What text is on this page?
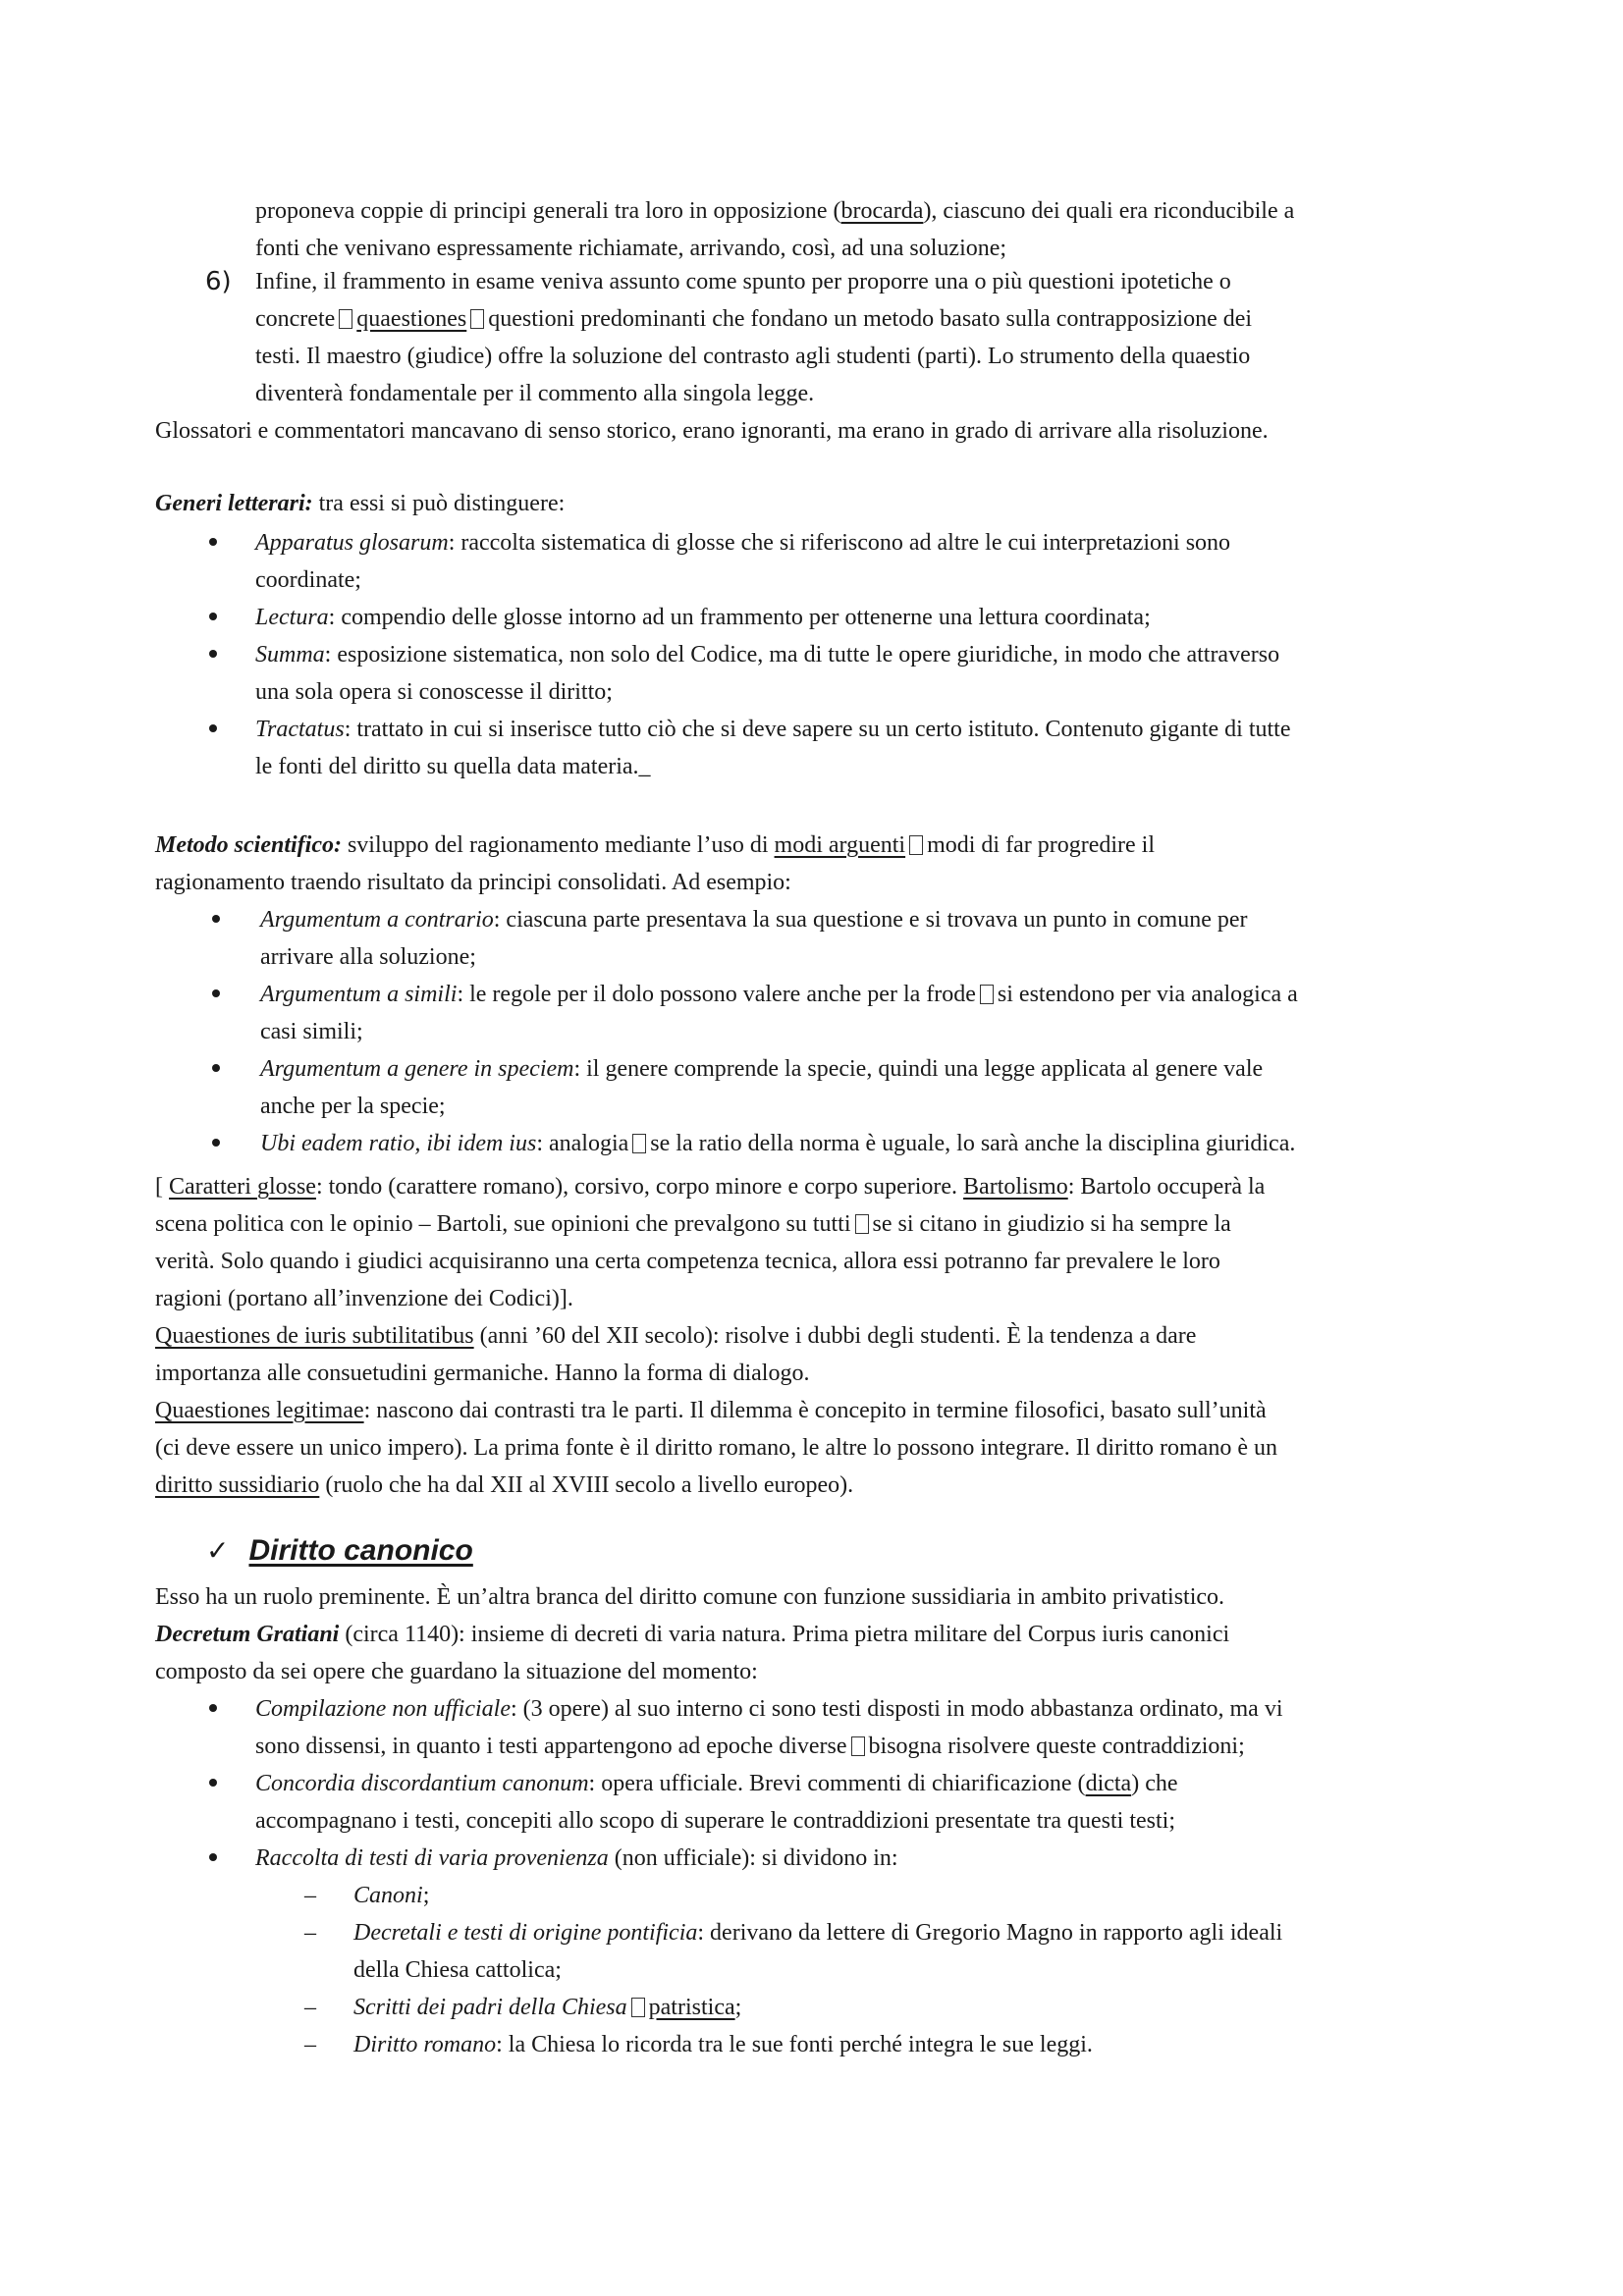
proponeva coppie di principi generali tra loro in opposizione (brocarda), ciascuno dei quali era riconducibile a
fonti che venivano espressamente richiamate, arrivando, così, ad una soluzione;
6) Infine, il frammento in esame veniva assunto come spunto per proporre una o più questioni ipotetiche o
concrete quaestiones questioni predominanti che fondano un metodo basato sulla contrapposizione dei
testi. Il maestro (giudice) offre la soluzione del contrasto agli studenti (parti). Lo strumento della quaestio
diventerà fondamentale per il commento alla singola legge.
Glossatori e commentatori mancavano di senso storico, erano ignoranti, ma erano in grado di arrivare alla risoluzione.
Generi letterari: tra essi si può distinguere:
Apparatus glosarum: raccolta sistematica di glosse che si riferiscono ad altre le cui interpretazioni sono
coordinate;
Lectura: compendio delle glosse intorno ad un frammento per ottenerne una lettura coordinata;
Summa: esposizione sistematica, non solo del Codice, ma di tutte le opere giuridiche, in modo che attraverso
una sola opera si conoscesse il diritto;
Tractatus: trattato in cui si inserisce tutto ciò che si deve sapere su un certo istituto. Contenuto gigante di tutte
le fonti del diritto su quella data materia._
Metodo scientifico: sviluppo del ragionamento mediante l’uso di modi arguenti modi di far progredire il
ragionamento traendo risultato da principi consolidati. Ad esempio:
Argumentum a contrario: ciascuna parte presentava la sua questione e si trovava un punto in comune per
arrivare alla soluzione;
Argumentum a simili: le regole per il dolo possono valere anche per la frode si estendono per via analogica a
casi simili;
Argumentum a genere in speciem: il genere comprende la specie, quindi una legge applicata al genere vale
anche per la specie;
Ubi eadem ratio, ibi idem ius: analogia se la ratio della norma è uguale, lo sarà anche la disciplina giuridica.
[ Caratteri glosse: tondo (carattere romano), corsivo, corpo minore e corpo superiore. Bartolismo: Bartolo occuperà la
scena politica con le opinio – Bartoli, sue opinioni che prevalgono su tutti se si citano in giudizio si ha sempre la
verità. Solo quando i giudici acquisiranno una certa competenza tecnica, allora essi potranno far prevalere le loro
ragioni (portano all’invenzione dei Codici)].
Quaestiones de iuris subtilitatibus (anni ’60 del XII secolo): risolve i dubbi degli studenti. È la tendenza a dare
importanza alle consuetudini germaniche. Hanno la forma di dialogo.
Quaestiones legitimae: nascono dai contrasti tra le parti. Il dilemma è concepito in termine filosofici, basato sull’unità
(ci deve essere un unico impero). La prima fonte è il diritto romano, le altre lo possono integrare. Il diritto romano è un
diritto sussidiario (ruolo che ha dal XII al XVIII secolo a livello europeo).
✓ Diritto canonico
Esso ha un ruolo preminente. È un’altra branca del diritto comune con funzione sussidiaria in ambito privatistico.
Decretum Gratiani (circa 1140): insieme di decreti di varia natura. Prima pietra militare del Corpus iuris canonici
composto da sei opere che guardano la situazione del momento:
Compilazione non ufficiale: (3 opere) al suo interno ci sono testi disposti in modo abbastanza ordinato, ma vi
sono dissensi, in quanto i testi appartengono ad epoche diverse bisogna risolvere queste contraddizioni;
Concordia discordantium canonum: opera ufficiale. Brevi commenti di chiarificazione (dicta) che
accompagnano i testi, concepiti allo scopo di superare le contraddizioni presentate tra questi testi;
Raccolta di testi di varia provenienza (non ufficiale): si dividono in:
– Canoni;
– Decretali e testi di origine pontificia: derivano da lettere di Gregorio Magno in rapporto agli ideali
della Chiesa cattolica;
– Scritti dei padri della Chiesa patristica;
– Diritto romano: la Chiesa lo ricorda tra le sue fonti perché integra le sue leggi.
